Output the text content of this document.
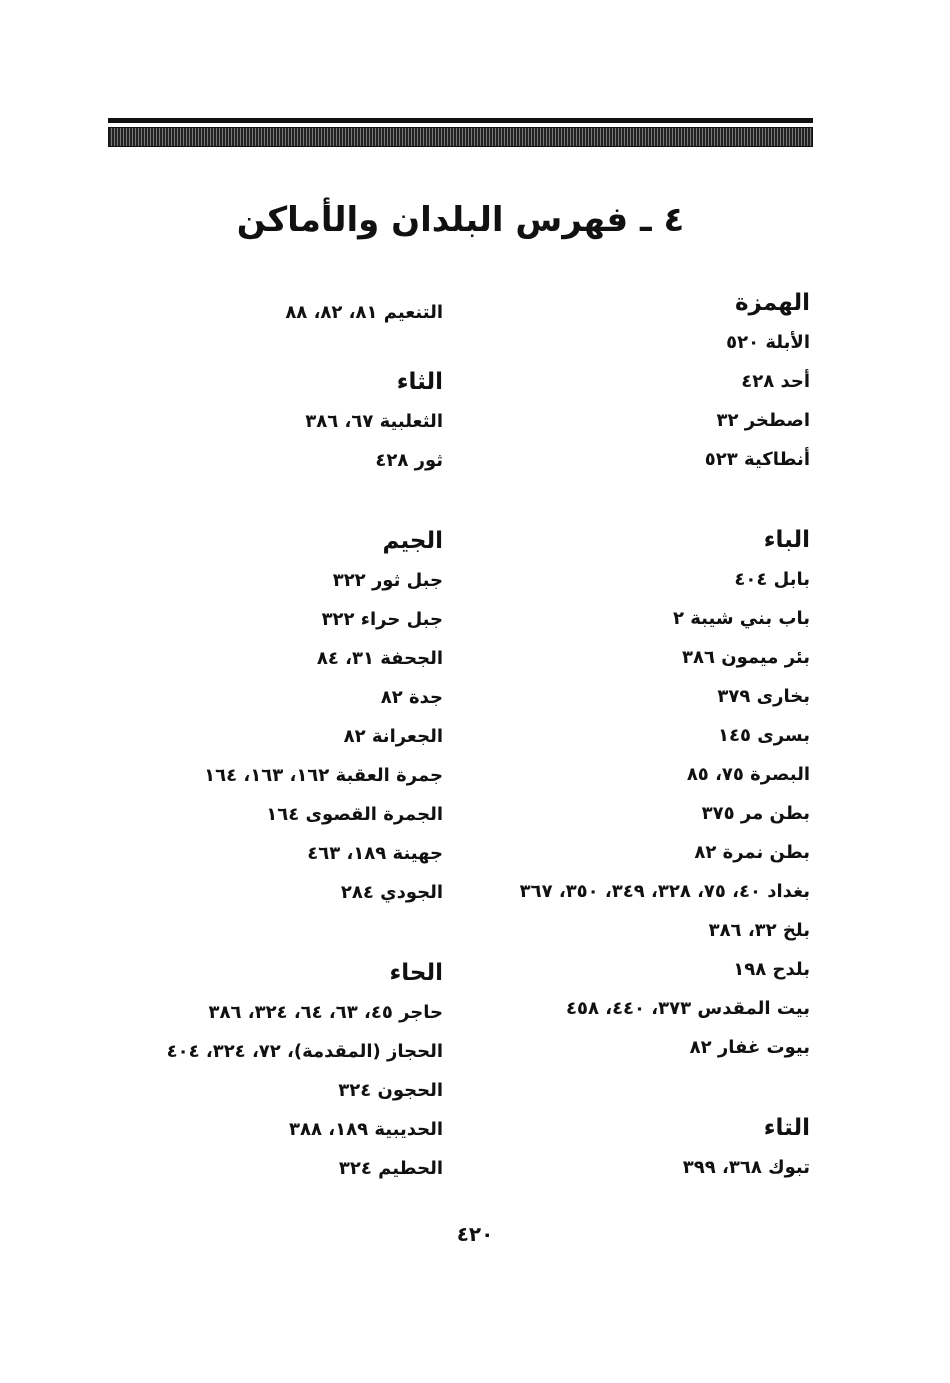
٤ ـ فهرس البلدان والأماكن
الهمزة
الأبلة ٥٢٠
أحد ٤٢٨
اصطخر ٣٢
أنطاكية ٥٢٣
الباء
بابل ٤٠٤
باب بني شيبة ٢
بئر ميمون ٣٨٦
بخارى ٣٧٩
بسرى ١٤٥
البصرة ٧٥، ٨٥
بطن مر ٣٧٥
بطن نمرة ٨٢
بغداد ٤٠، ٧٥، ٣٢٨، ٣٤٩، ٣٥٠، ٣٦٧
بلخ ٣٢، ٣٨٦
بلدح ١٩٨
بيت المقدس ٣٧٣، ٤٤٠، ٤٥٨
بيوت غفار ٨٢
التاء
تبوك ٣٦٨، ٣٩٩
التنعيم ٨١، ٨٢، ٨٨
الثاء
الثعلبية ٦٧، ٣٨٦
ثور ٤٢٨
الجيم
جبل ثور ٣٢٢
جبل حراء ٣٢٢
الجحفة ٣١، ٨٤
جدة ٨٢
الجعرانة ٨٢
جمرة العقبة ١٦٢، ١٦٣، ١٦٤
الجمرة القصوى ١٦٤
جهينة ١٨٩، ٤٦٣
الجودي ٢٨٤
الحاء
حاجر ٤٥، ٦٣، ٦٤، ٣٢٤، ٣٨٦
الحجاز (المقدمة)، ٧٢، ٣٢٤، ٤٠٤
الحجون ٣٢٤
الحديبية ١٨٩، ٣٨٨
الحطيم ٣٢٤
٤٢٠
